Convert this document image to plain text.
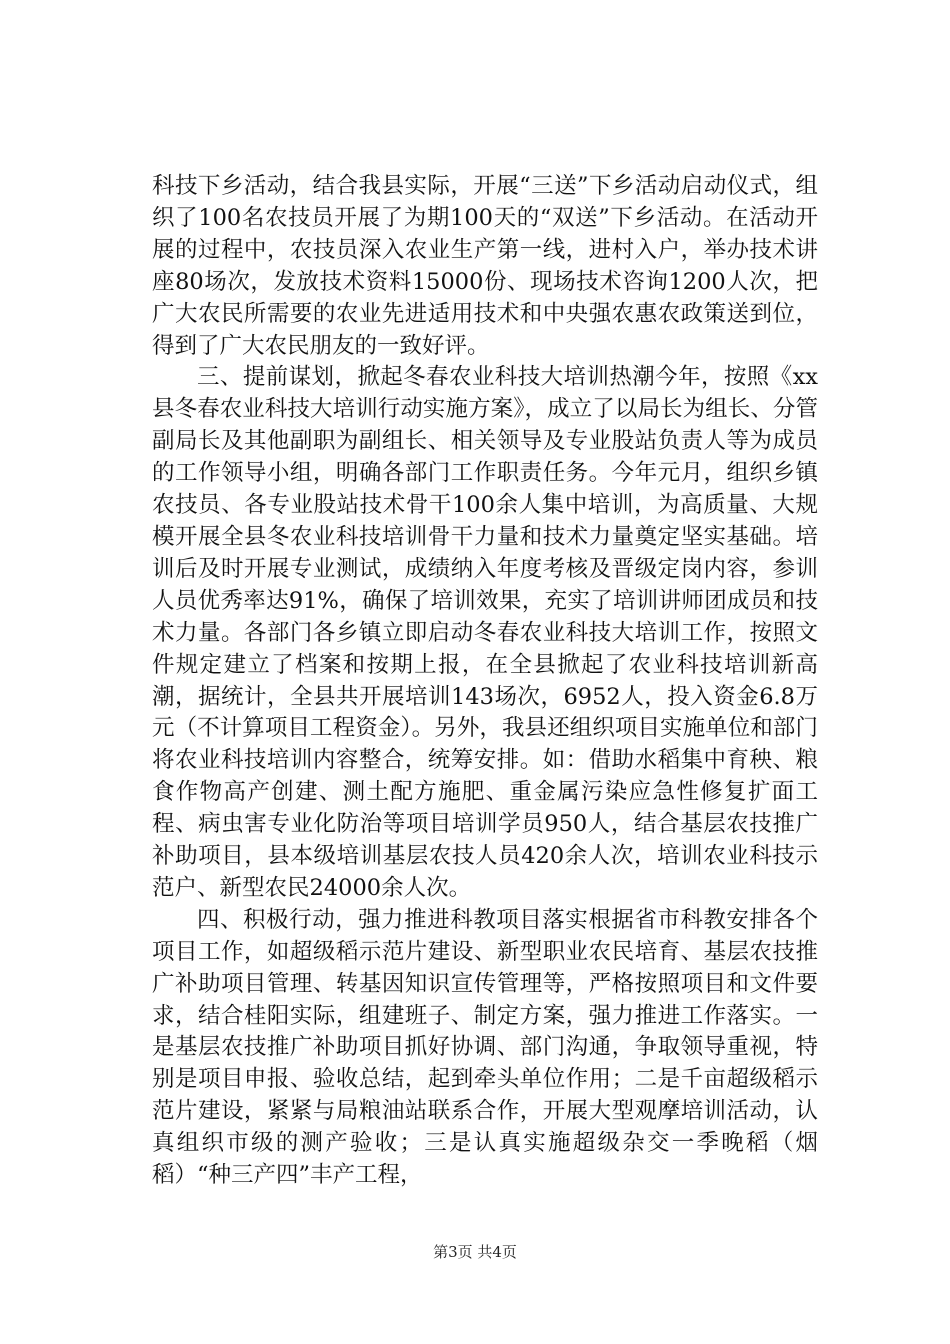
科技下乡活动，结合我县实际，开展“三送”下乡活动启动仪式，组织了100名农技员开展了为期100天的“双送”下乡活动。在活动开展的过程中，农技员深入农业生产第一线，进村入户，举办技术讲座80场次，发放技术资料15000份、现场技术咨询1200人次，把广大农民所需要的农业先进适用技术和中央强农惠农政策送到位，得到了广大农民朋友的一致好评。

三、提前谋划，掀起冬春农业科技大培训热潮今年，按照《xx县冬春农业科技大培训行动实施方案》，成立了以局长为组长、分管副局长及其他副职为副组长、相关领导及专业股站负责人等为成员的工作领导小组，明确各部门工作职责任务。今年元月，组织乡镇农技员、各专业股站技术骨干100余人集中培训，为高质量、大规模开展全县冬农业科技培训骨干力量和技术力量奠定坚实基础。培训后及时开展专业测试，成绩纳入年度考核及晋级定岗内容，参训人员优秀率达91%，确保了培训效果，充实了培训讲师团成员和技术力量。各部门各乡镇立即启动冬春农业科技大培训工作，按照文件规定建立了档案和按期上报，在全县掀起了农业科技培训新高潮，据统计，全县共开展培训143场次，6952人，投入资金6.8万元（不计算项目工程资金）。另外，我县还组织项目实施单位和部门将农业科技培训内容整合，统筹安排。如：借助水稻集中育秧、粮食作物高产创建、测土配方施肥、重金属污染应急性修复扩面工程、病虫害专业化防治等项目培训学员950人，结合基层农技推广补助项目，县本级培训基层农技人员420余人次，培训农业科技示范户、新型农民24000余人次。

四、积极行动，强力推进科教项目落实根据省市科教安排各个项目工作，如超级稻示范片建设、新型职业农民培育、基层农技推广补助项目管理、转基因知识宣传管理等，严格按照项目和文件要求，结合桂阳实际，组建班子、制定方案，强力推进工作落实。一是基层农技推广补助项目抓好协调、部门沟通，争取领导重视，特别是项目申报、验收总结，起到牵头单位作用；二是千亩超级稻示范片建设，紧紧与局粮油站联系合作，开展大型观摩培训活动，认真组织市级的测产验收；三是认真实施超级杂交一季晚稻（烟稻）“种三产四”丰产工程，

第3页 共4页
